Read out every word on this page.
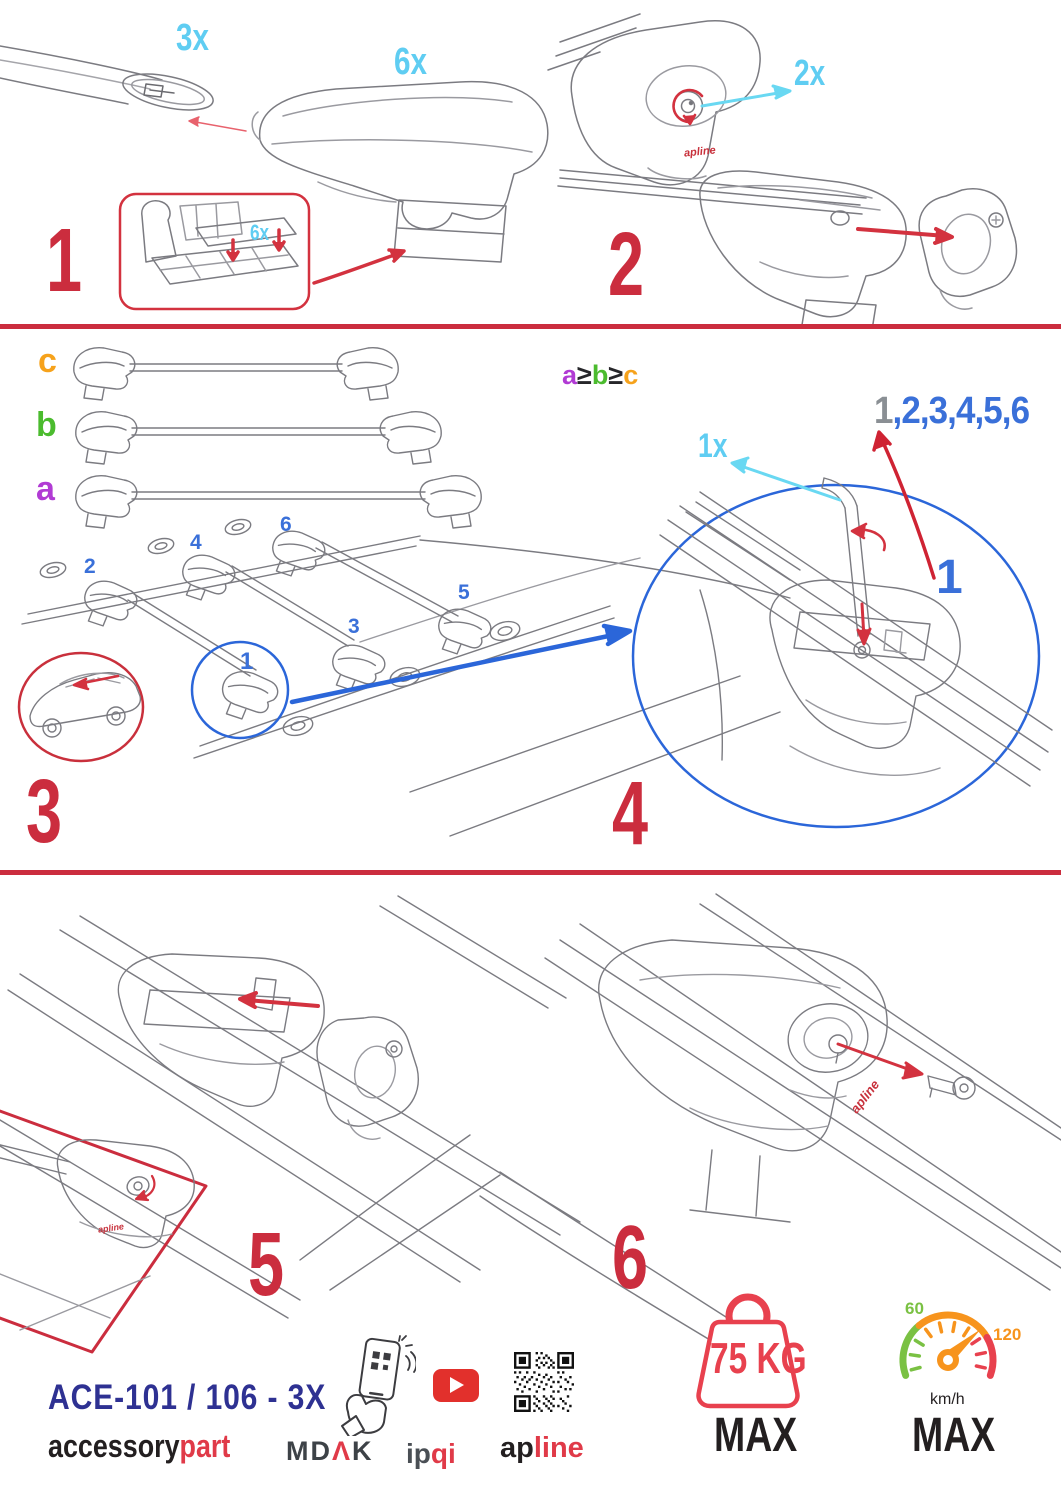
3x
6x
6x
1
2x
apline
2
c
b
a
a≥b≥c
1,2,3,4,5,6
2
4
6
3
5
1
1x
1
3	4
apline
apline
5	6
ACE-101 / 106 - 3X
accessorypart MDΛK ipqi apline
75 KG
MAX
60
120
km/h
MAX
